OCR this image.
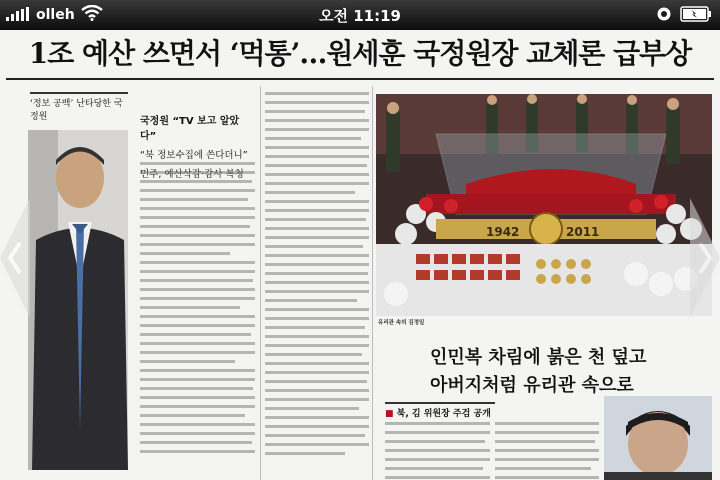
olleh	오전 11:19
1조 예산 쓰면서 ‘먹통’…원세훈 국정원장 교체론 급부상
‘정보 공백’ 난타당한 국정원	국정원 “TV 보고 알았다”
“북 정보수집에 쓴다더니”
민주, 예산삭감·감사 복청
1942	2011
유리관 속의 김정일
인민복 차림에 붉은 천 덮고
아버지처럼 유리관 속으로
■ 북, 김 위원장 주검 공개
